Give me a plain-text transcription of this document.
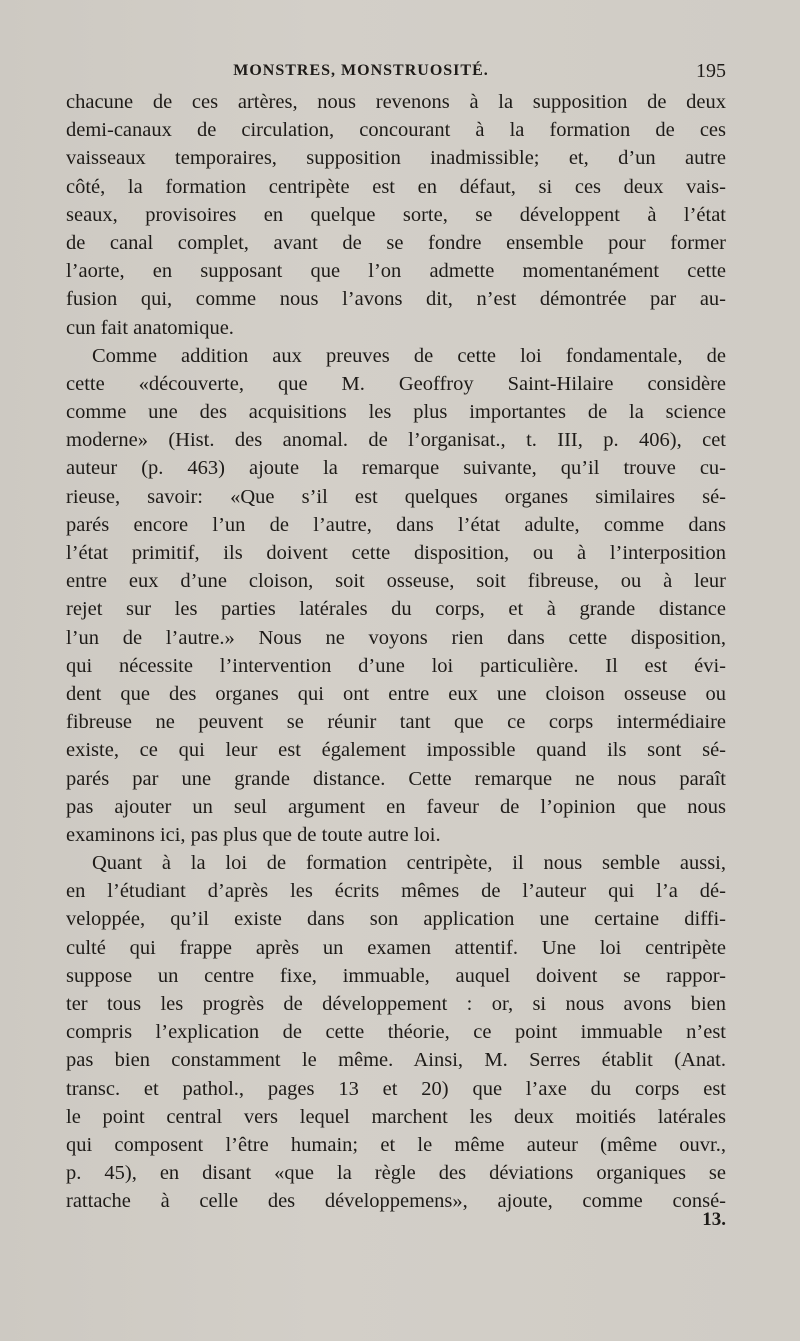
MONSTRES, MONSTRUOSITÉ.	195
chacune de ces artères, nous revenons à la supposition de deux
demi-canaux de circulation, concourant à la formation de ces
vaisseaux temporaires, supposition inadmissible; et, d’un autre
côté, la formation centripète est en défaut, si ces deux vais-
seaux, provisoires en quelque sorte, se développent à l’état
de canal complet, avant de se fondre ensemble pour former
l’aorte, en supposant que l’on admette momentanément cette
fusion qui, comme nous l’avons dit, n’est démontrée par au-
cun fait anatomique.
Comme addition aux preuves de cette loi fondamentale, de
cette «découverte, que M. Geoffroy Saint-Hilaire considère
comme une des acquisitions les plus importantes de la science
moderne» (Hist. des anomal. de l’organisat., t. III, p. 406), cet
auteur (p. 463) ajoute la remarque suivante, qu’il trouve cu-
rieuse, savoir: «Que s’il est quelques organes similaires sé-
parés encore l’un de l’autre, dans l’état adulte, comme dans
l’état primitif, ils doivent cette disposition, ou à l’interposition
entre eux d’une cloison, soit osseuse, soit fibreuse, ou à leur
rejet sur les parties latérales du corps, et à grande distance
l’un de l’autre.» Nous ne voyons rien dans cette disposition,
qui nécessite l’intervention d’une loi particulière. Il est évi-
dent que des organes qui ont entre eux une cloison osseuse ou
fibreuse ne peuvent se réunir tant que ce corps intermédiaire
existe, ce qui leur est également impossible quand ils sont sé-
parés par une grande distance. Cette remarque ne nous paraît
pas ajouter un seul argument en faveur de l’opinion que nous
examinons ici, pas plus que de toute autre loi.
Quant à la loi de formation centripète, il nous semble aussi,
en l’étudiant d’après les écrits mêmes de l’auteur qui l’a dé-
veloppée, qu’il existe dans son application une certaine diffi-
culté qui frappe après un examen attentif. Une loi centripète
suppose un centre fixe, immuable, auquel doivent se rappor-
ter tous les progrès de développement : or, si nous avons bien
compris l’explication de cette théorie, ce point immuable n’est
pas bien constamment le même. Ainsi, M. Serres établit (Anat.
transc. et pathol., pages 13 et 20) que l’axe du corps est
le point central vers lequel marchent les deux moitiés latérales
qui composent l’être humain; et le même auteur (même ouvr.,
p. 45), en disant «que la règle des déviations organiques se
rattache à celle des développemens», ajoute, comme consé-
13.
